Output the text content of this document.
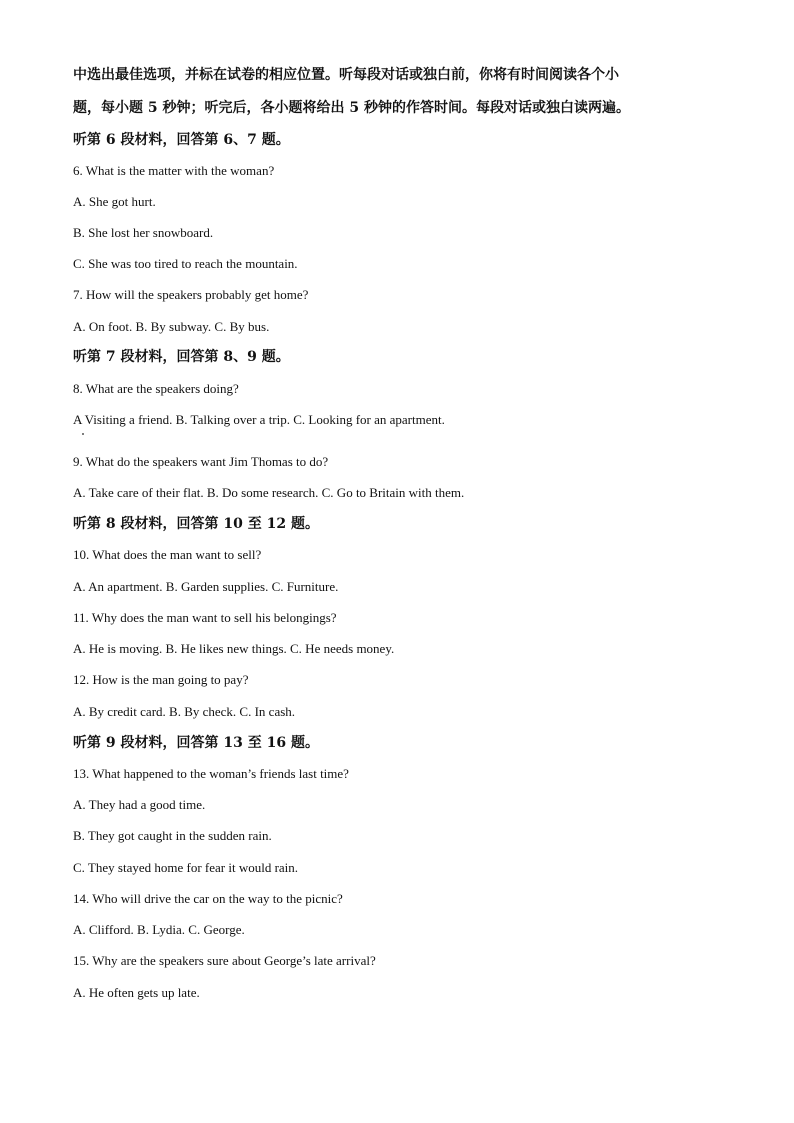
中选出最佳选项，并标在试卷的相应位置。听每段对话或独白前，你将有时间阅读各个小
题，每小题 5 秒钟；听完后，各小题将给出 5 秒钟的作答时间。每段对话或独白读两遍。
听第 6 段材料，回答第 6、7 题。
6. What is the matter with the woman?
A. She got hurt.
B. She lost her snowboard.
C. She was too tired to reach the mountain.
7. How will the speakers probably get home?
A. On foot. B. By subway. C. By bus.
听第 7 段材料，回答第 8、9 题。
8. What are the speakers doing?
A Visiting a friend. B. Talking over a trip. C. Looking for an apartment.
9. What do the speakers want Jim Thomas to do?
A. Take care of their flat. B. Do some research. C. Go to Britain with them.
听第 8 段材料，回答第 10 至 12 题。
10. What does the man want to sell?
A. An apartment. B. Garden supplies. C. Furniture.
11. Why does the man want to sell his belongings?
A. He is moving. B. He likes new things. C. He needs money.
12. How is the man going to pay?
A. By credit card. B. By check. C. In cash.
听第 9 段材料，回答第 13 至 16 题。
13. What happened to the woman’s friends last time?
A. They had a good time.
B. They got caught in the sudden rain.
C. They stayed home for fear it would rain.
14. Who will drive the car on the way to the picnic?
A. Clifford. B. Lydia. C. George.
15. Why are the speakers sure about George’s late arrival?
A. He often gets up late.
